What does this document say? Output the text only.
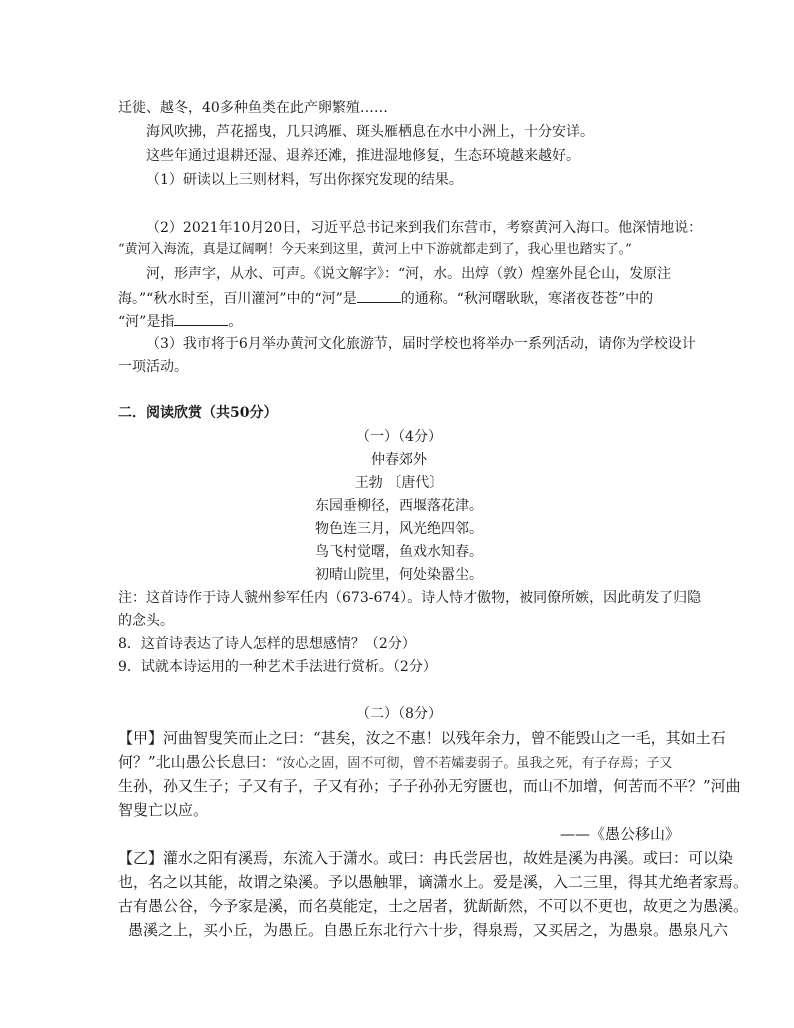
迁徙、越冬，40多种鱼类在此产卵繁殖……
海风吹拂，芦花摇曳，几只鸿雁、斑头雁栖息在水中小洲上，十分安详。
这些年通过退耕还湿、退养还滩，推进湿地修复，生态环境越来越好。
（1）研读以上三则材料，写出你探究发现的结果。
（2）2021年10月20日，习近平总书记来到我们东营市，考察黄河入海口。他深情地说：
“黄河入海流，真是辽阔啊！今天来到这里，黄河上中下游就都走到了，我心里也踏实了。”
河，形声字，从水、可声。《说文解字》：“河，水。出焞（敦）煌塞外昆仑山，发原注
海。”“秋水时至，百川灌河”中的“河”是	的通称。“秋河曙耿耿，寒渚夜苍苍”中的
“河”是指	。
（3）我市将于6月举办黄河文化旅游节，届时学校也将举办一系列活动，请你为学校设计
一项活动。
二．阅读欣赏（共50分）
（一）（4分）
仲春郊外
王勃 〔唐代〕
东园垂柳径，西堰落花津。
物色连三月，风光绝四邻。
鸟飞村觉曙，鱼戏水知春。
初晴山院里，何处染嚣尘。
注：这首诗作于诗人虢州参军任内（673-674）。诗人恃才傲物，被同僚所嫉，因此萌发了归隐
的念头。
8．这首诗表达了诗人怎样的思想感情？（2分）
9．试就本诗运用的一种艺术手法进行赏析。（2分）
（二）（8分）
【甲】河曲智叟笑而止之曰：“甚矣，汝之不惠！以残年余力，曾不能毁山之一毛，其如土石
何？”北山愚公长息曰：“汝心之固，固不可彻，曾不若孀妻弱子。虽我之死，有子存焉；子又
生孙，孙又生子；子又有子，子又有孙；子子孙孙无穷匮也，而山不加增，何苦而不平？”河曲
智叟亡以应。
——《愚公移山》
【乙】灌水之阳有溪焉，东流入于潇水。或曰：冉氏尝居也，故姓是溪为冉溪。或曰：可以染
也，名之以其能，故谓之染溪。予以愚触罪，谪潇水上。爱是溪，入二三里，得其尤绝者家焉。
古有愚公谷，今予家是溪，而名莫能定，士之居者，犹龂龂然，不可以不更也，故更之为愚溪。
愚溪之上，买小丘，为愚丘。自愚丘东北行六十步，得泉焉，又买居之，为愚泉。愚泉凡六
